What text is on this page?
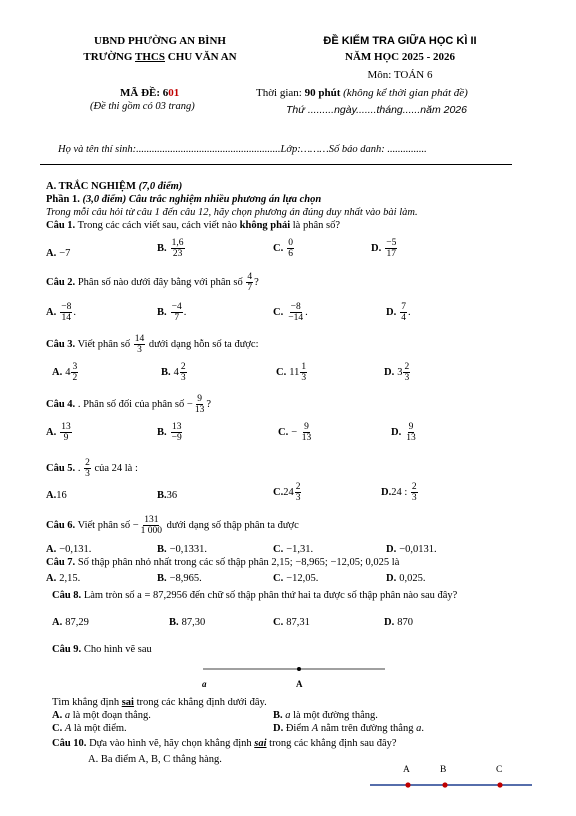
UBND PHƯỜNG AN BÌNH
TRƯỜNG THCS CHU VĂN AN
ĐỀ KIỂM TRA GIỮA HỌC KÌ II
NĂM HỌC 2025 - 2026
Môn: TOÁN 6
MÃ ĐỀ: 601
(Đề thi gồm có 03 trang)
Thời gian: 90 phút (không kể thời gian phát đề)
Thứ .........ngày.......tháng......năm 2026
Họ và tên thí sinh:.......................................................Lớp:………Số báo danh: ...............
A. TRẮC NGHIỆM (7,0 điểm)
Phần 1. (3,0 điểm) Câu trắc nghiệm nhiều phương án lựa chọn
Trong mỗi câu hỏi từ câu 1 đến câu 12, hãy chọn phương án đúng duy nhất vào bài làm.
Câu 1. Trong các cách viết sau, cách viết nào không phải là phân số?
A. −7	B. $\frac{1,6}{23}$	C. $\frac{0}{6}$	D. $\frac{-5}{17}$
Câu 2. Phân số nào dưới đây bằng với phân số $\frac{4}{7}$ ?
A. $\frac{-8}{14}$ .	B. $\frac{-4}{7}$ .	C. $\frac{-8}{-14}$ .	D. $\frac{7}{4}$ .
Câu 3. Viết phân số $\frac{14}{3}$ dưới dạng hỗn số ta được:
A. $4 \frac{3}{2}$	B. $4 \frac{2}{3}$	C. $11 \frac{1}{3}$	D. $3 \frac{2}{3}$
Câu 4. . Phân số đối của phân số − $\frac{9}{13}$ ?
A. $\frac{13}{9}$	B. $\frac{13}{-9}$	C. − $\frac{9}{13}$	D. $\frac{9}{13}$
Câu 5. . $\frac{2}{3}$ của 24 là :
A.16	B.36	$C.24 \frac{2}{3}$	D.24 : $\frac{2}{3}$
Câu 6. Viết phân số − $\frac{131}{1 000}$ dưới dạng số thập phân ta được
A. −0,131.	B. −0,1331.	C. −1,31.	D. −0,0131.
Câu 7. Số thập phân nhỏ nhất trong các số thập phân 2,15; −8,965; −12,05; 0,025 là
A. 2,15.	B. −8,965.	C. −12,05.	D. 0,025.
Câu 8. Làm tròn số a = 87,2956 đến chữ số thập phân thứ hai ta được số thập phân nào sau đây?
A. 87,29	B. 87,30	C. 87,31	D. 870
Câu 9. Cho hình vẽ sau
a	A
Tìm khẳng định sai trong các khẳng định dưới đây.
A. a là một đoạn thẳng.	B. a là một đường thẳng.
C. A là một điểm.	D. Điểm A nằm trên đường thẳng a.
Câu 10. Dựa vào hình vẽ, hãy chọn khẳng định sai trong các khẳng định sau đây?
A. Ba điểm A, B, C thẳng hàng.
A	B	C
